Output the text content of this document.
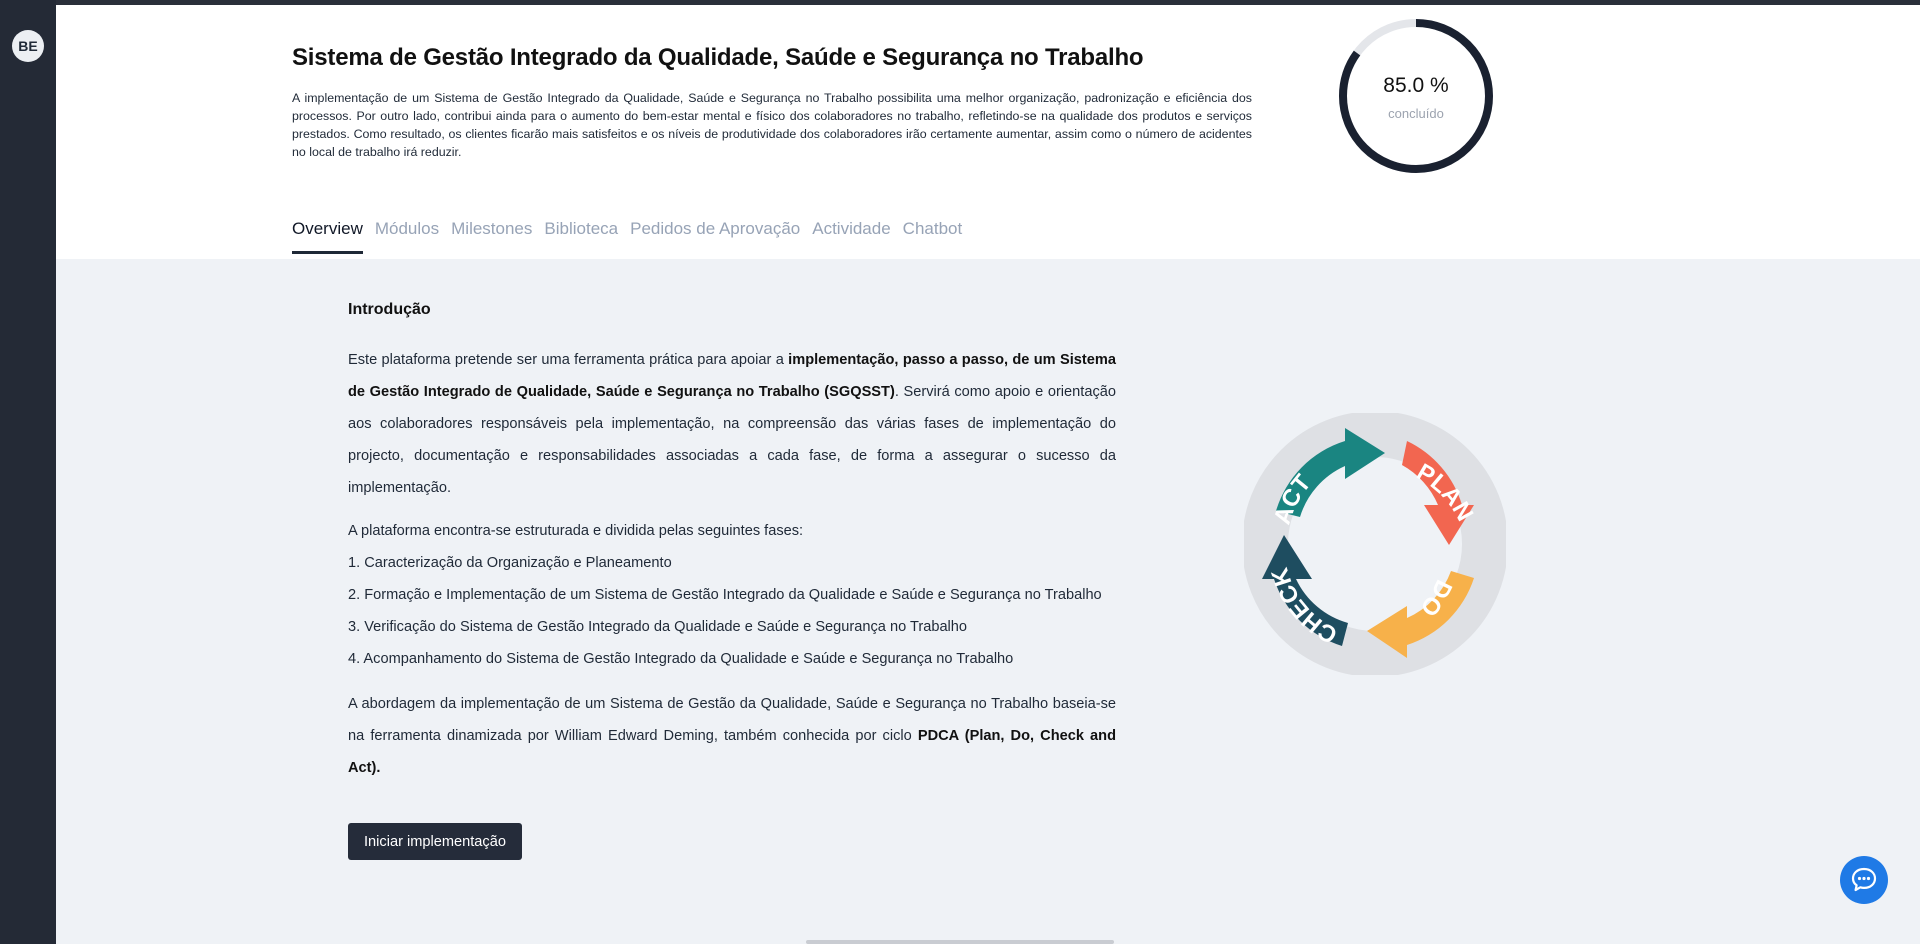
BE	Sistema de Gestão Integrado da Qualidade, Saúde e Segurança no Trabalho

A implementação de um Sistema de Gestão Integrado da Qualidade, Saúde e Segurança no Trabalho possibilita uma melhor organização, padronização e eficiência dos processos. Por outro lado, contribui ainda para o aumento do bem-estar mental e físico dos colaboradores no trabalho, refletindo-se na qualidade dos produtos e serviços prestados. Como resultado, os clientes ficarão mais satisfeitos e os níveis de produtividade dos colaboradores irão certamente aumentar, assim como o número de acidentes no local de trabalho irá reduzir.

85.0 %
concluído
Overview Módulos Milestones Biblioteca Pedidos de Aprovação Actividade Chatbot
Introdução

Este plataforma pretende ser uma ferramenta prática para apoiar a implementação, passo a passo, de um Sistema de Gestão Integrado de Qualidade, Saúde e Segurança no Trabalho (SGQSST). Servirá como apoio e orientação aos colaboradores responsáveis pela implementação, na compreensão das várias fases de implementação do projecto, documentação e responsabilidades associadas a cada fase, de forma a assegurar o sucesso da implementação.

A plataforma encontra-se estruturada e dividida pelas seguintes fases:

1. Caracterização da Organização e Planeamento
2. Formação e Implementação de um Sistema de Gestão Integrado da Qualidade e Saúde e Segurança no Trabalho
3. Verificação do Sistema de Gestão Integrado da Qualidade e Saúde e Segurança no Trabalho
4. Acompanhamento do Sistema de Gestão Integrado da Qualidade e Saúde e Segurança no Trabalho

A abordagem da implementação de um Sistema de Gestão da Qualidade, Saúde e Segurança no Trabalho baseia-se na ferramenta dinamizada por William Edward Deming, também conhecida por ciclo PDCA (Plan, Do, Check and Act).

Iniciar implementação
PLAN
DO
CHECK
ACT
